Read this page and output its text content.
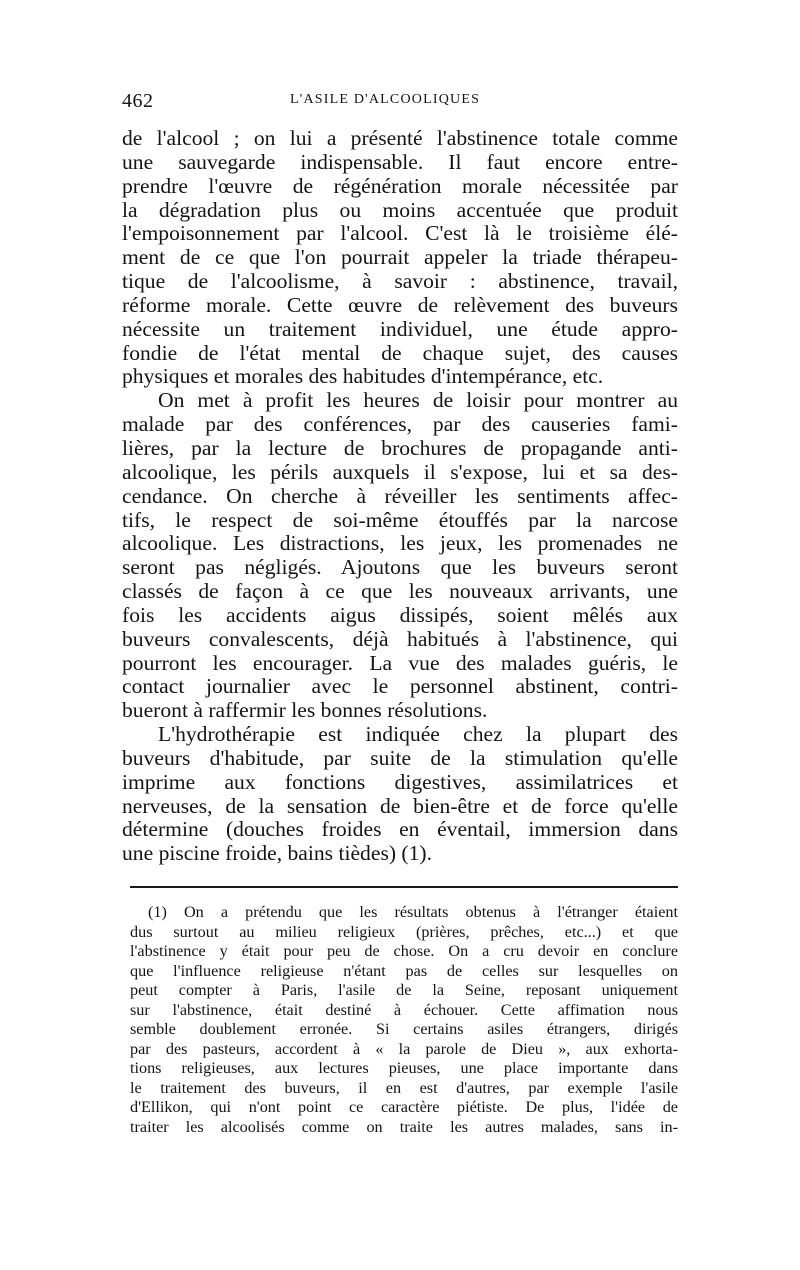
462	L'ASILE D'ALCOOLIQUES
de l'alcool ; on lui a présenté l'abstinence totale comme
une sauvegarde indispensable. Il faut encore entre-
prendre l'œuvre de régénération morale nécessitée par
la dégradation plus ou moins accentuée que produit
l'empoisonnement par l'alcool. C'est là le troisième élé-
ment de ce que l'on pourrait appeler la triade thérapeu-
tique de l'alcoolisme, à savoir : abstinence, travail,
réforme morale. Cette œuvre de relèvement des buveurs
nécessite un traitement individuel, une étude appro-
fondie de l'état mental de chaque sujet, des causes
physiques et morales des habitudes d'intempérance, etc.
On met à profit les heures de loisir pour montrer au
malade par des conférences, par des causeries fami-
lières, par la lecture de brochures de propagande anti-
alcoolique, les périls auxquels il s'expose, lui et sa des-
cendance. On cherche à réveiller les sentiments affec-
tifs, le respect de soi-même étouffés par la narcose
alcoolique. Les distractions, les jeux, les promenades ne
seront pas négligés. Ajoutons que les buveurs seront
classés de façon à ce que les nouveaux arrivants, une
fois les accidents aigus dissipés, soient mêlés aux
buveurs convalescents, déjà habitués à l'abstinence, qui
pourront les encourager. La vue des malades guéris, le
contact journalier avec le personnel abstinent, contri-
bueront à raffermir les bonnes résolutions.
L'hydrothérapie est indiquée chez la plupart des
buveurs d'habitude, par suite de la stimulation qu'elle
imprime aux fonctions digestives, assimilatrices et
nerveuses, de la sensation de bien-être et de force qu'elle
détermine (douches froides en éventail, immersion dans
une piscine froide, bains tièdes) (1).
(1) On a prétendu que les résultats obtenus à l'étranger étaient
dus surtout au milieu religieux (prières, prêches, etc...) et que
l'abstinence y était pour peu de chose. On a cru devoir en conclure
que l'influence religieuse n'étant pas de celles sur lesquelles on
peut compter à Paris, l'asile de la Seine, reposant uniquement
sur l'abstinence, était destiné à échouer. Cette affimation nous
semble doublement erronée. Si certains asiles étrangers, dirigés
par des pasteurs, accordent à « la parole de Dieu », aux exhorta-
tions religieuses, aux lectures pieuses, une place importante dans
le traitement des buveurs, il en est d'autres, par exemple l'asile
d'Ellikon, qui n'ont point ce caractère piétiste. De plus, l'idée de
traiter les alcoolisés comme on traite les autres malades, sans in-
